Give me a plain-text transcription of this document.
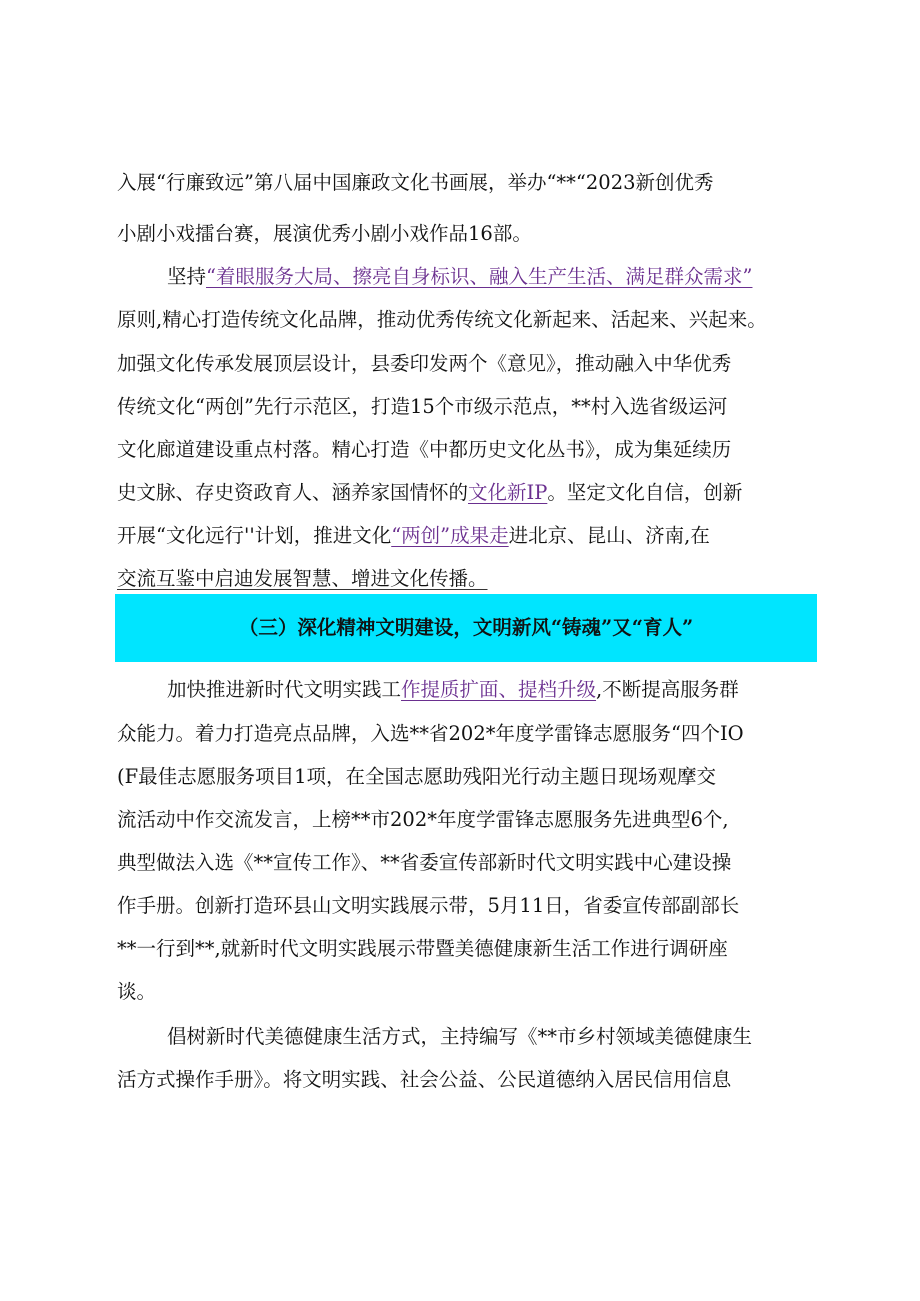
入展“行廉致远”第八届中国廉政文化书画展，举办“**“2023新创优秀
小剧小戏擂台赛，展演优秀小剧小戏作品16部。
坚持“着眼服务大局、擦亮自身标识、融入生产生活、满足群众需求”
原则,精心打造传统文化品牌，推动优秀传统文化新起来、活起来、兴起来。
加强文化传承发展顶层设计，县委印发两个《意见》，推动融入中华优秀
传统文化“两创”先行示范区，打造15个市级示范点，**村入选省级运河
文化廊道建设重点村落。精心打造《中都历史文化丛书》，成为集延续历
史文脉、存史资政育人、涵养家国情怀的文化新IP。坚定文化自信，创新
开展“文化远行''计划，推进文化“两创”成果走进北京、昆山、济南,在
交流互鉴中启迪发展智慧、增进文化传播。
（三）深化精神文明建设，文明新风“铸魂”又“育人”
加快推进新时代文明实践工作提质扩面、提档升级,不断提高服务群
众能力。着力打造亮点品牌，入选**省202*年度学雷锋志愿服务“四个IO
(F最佳志愿服务项目1项，在全国志愿助残阳光行动主题日现场观摩交
流活动中作交流发言，上榜**市202*年度学雷锋志愿服务先进典型6个,
典型做法入选《**宣传工作》、**省委宣传部新时代文明实践中心建设操
作手册。创新打造环县山文明实践展示带，5月11日，省委宣传部副部长
**一行到**,就新时代文明实践展示带暨美德健康新生活工作进行调研座
谈。
倡树新时代美德健康生活方式，主持编写《**市乡村领域美德健康生
活方式操作手册》。将文明实践、社会公益、公民道德纳入居民信用信息
